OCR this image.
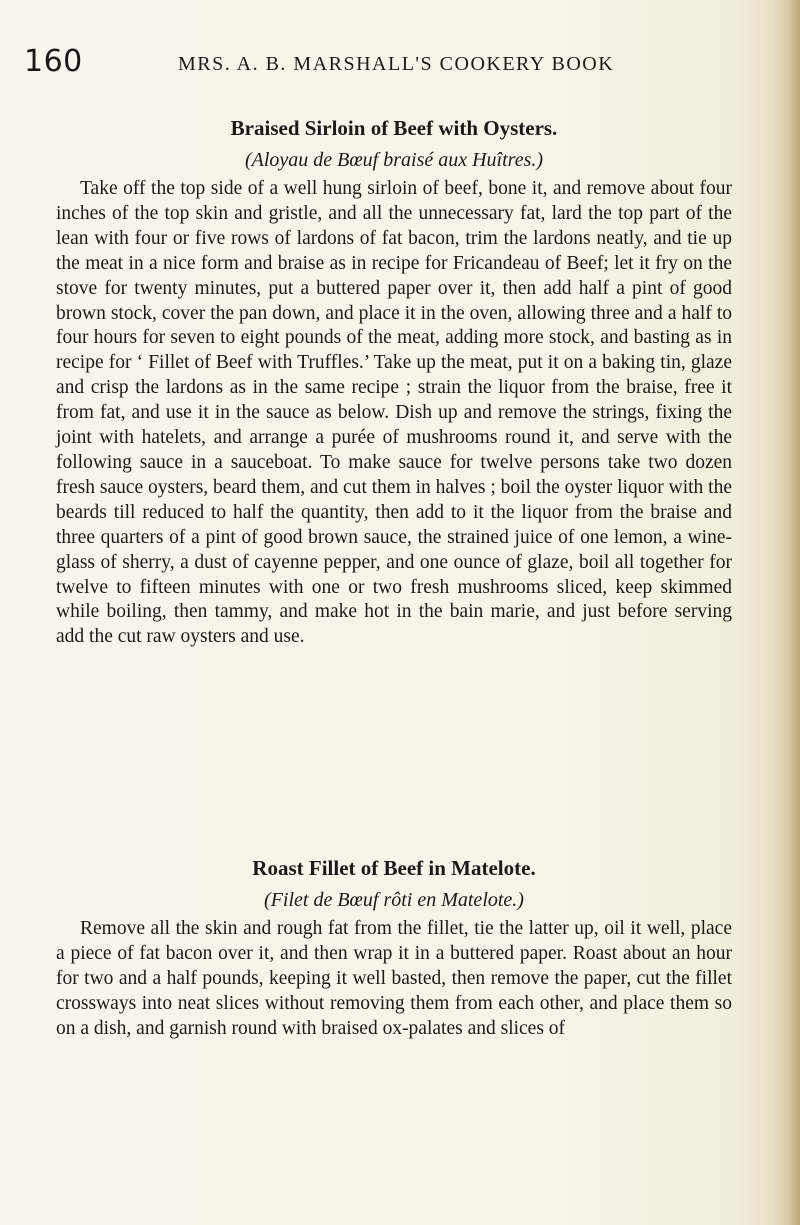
160	MRS. A. B. MARSHALL'S COOKERY BOOK
Braised Sirloin of Beef with Oysters.

(Aloyau de Bœuf braisé aux Huîtres.)

Take off the top side of a well hung sirloin of beef, bone it, and remove about four inches of the top skin and gristle, and all the unnecessary fat, lard the top part of the lean with four or five rows of lardons of fat bacon, trim the lardons neatly, and tie up the meat in a nice form and braise as in recipe for Fricandeau of Beef; let it fry on the stove for twenty minutes, put a buttered paper over it, then add half a pint of good brown stock, cover the pan down, and place it in the oven, allowing three and a half to four hours for seven to eight pounds of the meat, adding more stock, and basting as in recipe for ‘ Fillet of Beef with Truffles.’ Take up the meat, put it on a baking tin, glaze and crisp the lardons as in the same recipe ; strain the liquor from the braise, free it from fat, and use it in the sauce as below. Dish up and remove the strings, fixing the joint with hatelets, and arrange a purée of mushrooms round it, and serve with the following sauce in a sauceboat. To make sauce for twelve persons take two dozen fresh sauce oysters, beard them, and cut them in halves ; boil the oyster liquor with the beards till reduced to half the quantity, then add to it the liquor from the braise and three quarters of a pint of good brown sauce, the strained juice of one lemon, a wine-glass of sherry, a dust of cayenne pepper, and one ounce of glaze, boil all together for twelve to fifteen minutes with one or two fresh mushrooms sliced, keep skimmed while boiling, then tammy, and make hot in the bain marie, and just before serving add the cut raw oysters and use.

Roast Fillet of Beef in Matelote.

(Filet de Bœuf rôti en Matelote.)

Remove all the skin and rough fat from the fillet, tie the latter up, oil it well, place a piece of fat bacon over it, and then wrap it in a buttered paper. Roast about an hour for two and a half pounds, keeping it well basted, then remove the paper, cut the fillet crossways into neat slices without removing them from each other, and place them so on a dish, and garnish round with braised ox-palates and slices of
